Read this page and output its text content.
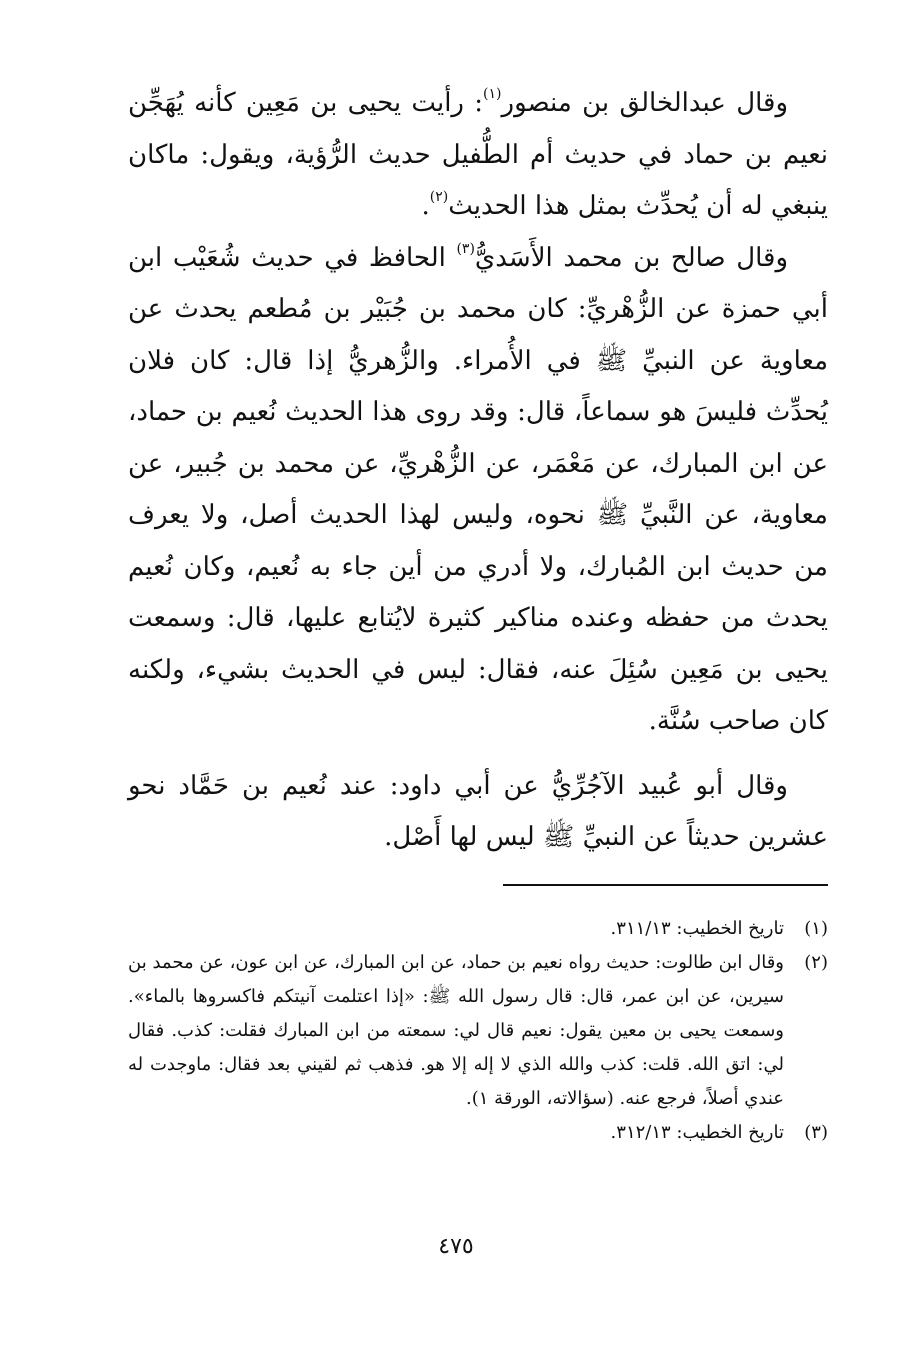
وقال عبدالخالق بن منصور$^{(١)}$: رأيت يحيى بن مَعِين كأنه يُهَجِّن نعيم بن حماد في حديث أم الطُّفيل حديث الرُّؤية، ويقول: ماكان ينبغي له أن يُحدِّث بمثل هذا الحديث$^{(٢)}$.

وقال صالح بن محمد الأَسَديُّ$^{(٣)}$ الحافظ في حديث شُعَيْب ابن أبي حمزة عن الزُّهْريِّ: كان محمد بن جُبَيْر بن مُطعم يحدث عن معاوية عن النبيِّ ﷺ في الأُمراء. والزُّهريُّ إذا قال: كان فلان يُحدِّث فليسَ هو سماعاً، قال: وقد روى هذا الحديث نُعيم بن حماد، عن ابن المبارك، عن مَعْمَر، عن الزُّهْريِّ، عن محمد بن جُبير، عن معاوية، عن النَّبيِّ ﷺ نحوه، وليس لهذا الحديث أصل، ولا يعرف من حديث ابن المُبارك، ولا أدري من أين جاء به نُعيم، وكان نُعيم يحدث من حفظه وعنده مناكير كثيرة لايُتابع عليها، قال: وسمعت يحيى بن مَعِين سُئِلَ عنه، فقال: ليس في الحديث بشيء، ولكنه كان صاحب سُنَّة.

وقال أبو عُبيد الآجُرِّيُّ عن أبي داود: عند نُعيم بن حَمَّاد نحو عشرين حديثاً عن النبيِّ ﷺ ليس لها أَصْل.

(١)
تاريخ الخطيب: ٣١١/١٣.
(٢)
وقال ابن طالوت: حديث رواه نعيم بن حماد، عن ابن المبارك، عن ابن عون، عن محمد بن سيرين، عن ابن عمر، قال: قال رسول الله ﷺ: «إذا اعتلمت آنيتكم فاكسروها بالماء». وسمعت يحيى بن معين يقول: نعيم قال لي: سمعته من ابن المبارك فقلت: كذب. فقال لي: اتق الله. قلت: كذب والله الذي لا إله إلا هو. فذهب ثم لقيني بعد فقال: ماوجدت له عندي أصلاً، فرجع عنه. (سؤالاته، الورقة ١).
(٣)
تاريخ الخطيب: ٣١٢/١٣.
٤٧٥
